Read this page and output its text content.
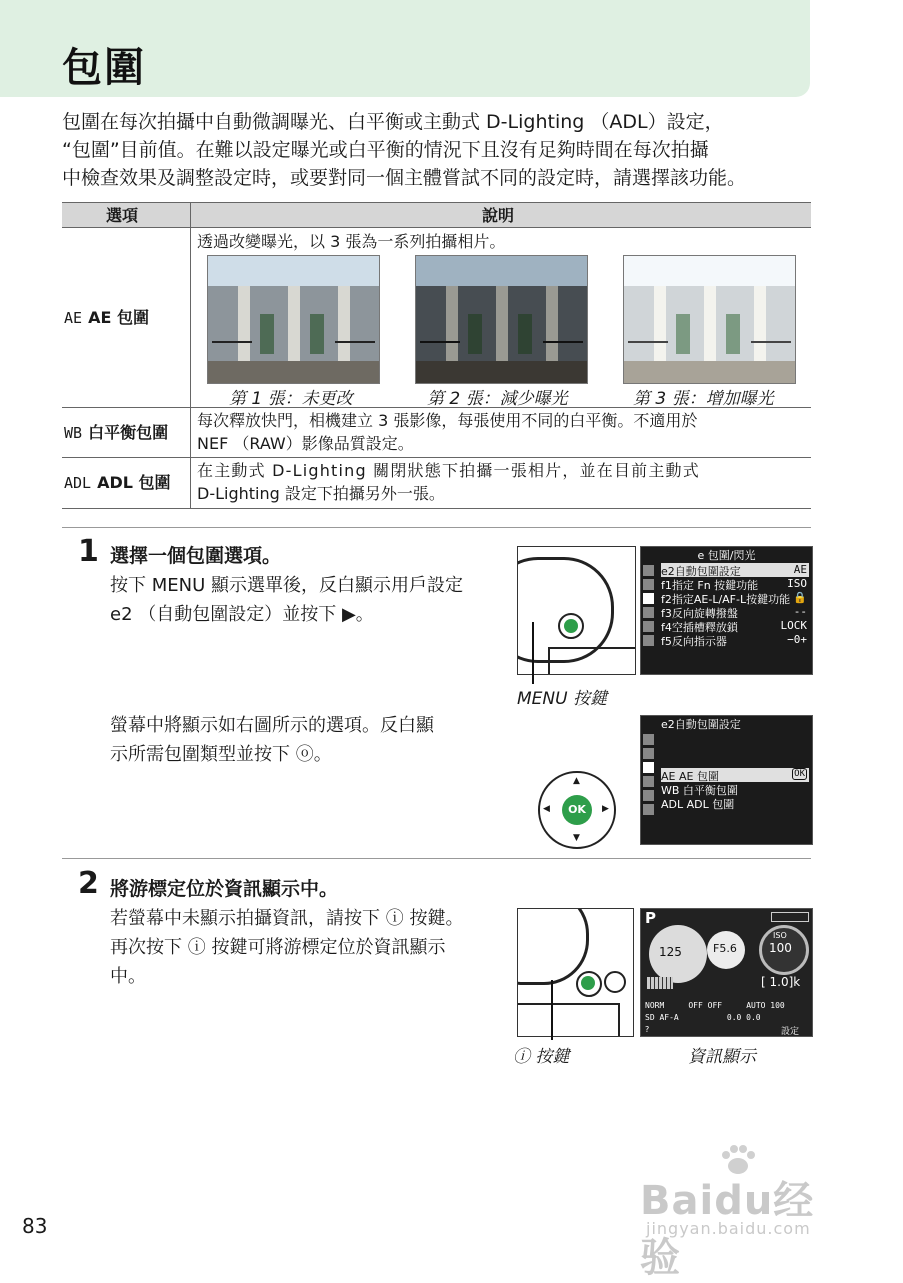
包圍
包圍在每次拍攝中自動微調曝光、白平衡或主動式 D-Lighting （ADL）設定，
“包圍”目前值。在難以設定曝光或白平衡的情況下且沒有足夠時間在每次拍攝
中檢查效果及調整設定時，或要對同一個主體嘗試不同的設定時，請選擇該功能。
選項	說明
AE AE 包圍
透過改變曝光，以 3 張為一系列拍攝相片。
第 1 張：未更改	第 2 張：減少曝光	第 3 張：增加曝光
WB 白平衡包圍
每次釋放快門，相機建立 3 張影像，每張使用不同的白平衡。不適用於
NEF （RAW）影像品質設定。
ADL ADL 包圍
在主動式 D-Lighting 關閉狀態下拍攝一張相片，並在目前主動式
D-Lighting 設定下拍攝另外一張。
1 選擇一個包圍選項。
按下 MENU 顯示選單後，反白顯示用戶設定
e2 （自動包圍設定）並按下 ▶。
螢幕中將顯示如右圖所示的選項。反白顯
示所需包圍類型並按下 ⓞ。
MENU 按鍵
e 包圍/閃光
e2自動包圍設定	AE
f1指定 Fn 按鍵功能	ISO
f2指定AE-L/AF-L按鍵功能 🔒
f3反向旋轉撥盤	--
f4空插槽釋放鎖	LOCK
f5反向指示器	−0+
OK
▲
▼
◀	▶
e2自動包圍設定
AE AE 包圍	OK
WB 白平衡包圍
ADL ADL 包圍
2 將游標定位於資訊顯示中。
若螢幕中未顯示拍攝資訊，請按下 ⓘ 按鍵。
再次按下 ⓘ 按鍵可將游標定位於資訊顯示
中。
ⓘ 按鍵	資訊顯示
P
125	F5.6
ISO
100
[ 1.0]k
NORM	OFF OFF	AUTO 100
SD AF-A	0.0 0.0
?	設定
83
Baidu经验
jingyan.baidu.com
